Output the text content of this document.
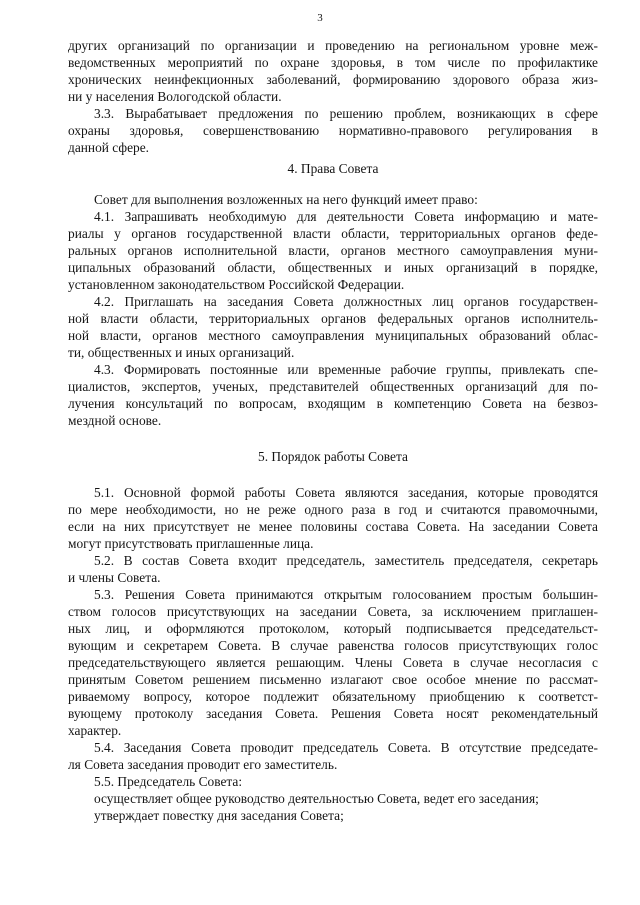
3
других организаций по организации и проведению на региональном уровне меж-
ведомственных мероприятий по охране здоровья, в том числе по профилактике
хронических неинфекционных заболеваний, формированию здорового образа жиз-
ни у населения Вологодской области.
3.3. Вырабатывает предложения по решению проблем, возникающих в сфере
охраны здоровья, совершенствованию нормативно-правового регулирования в
данной сфере.
4. Права Совета
Совет для выполнения возложенных на него функций имеет право:
4.1. Запрашивать необходимую для деятельности Совета информацию и мате-
риалы у органов государственной власти области, территориальных органов феде-
ральных органов исполнительной власти, органов местного самоуправления муни-
ципальных образований области, общественных и иных организаций в порядке,
установленном законодательством Российской Федерации.
4.2. Приглашать на заседания Совета должностных лиц органов государствен-
ной власти области, территориальных органов федеральных органов исполнитель-
ной власти, органов местного самоуправления муниципальных образований облас-
ти, общественных и иных организаций.
4.3. Формировать постоянные или временные рабочие группы, привлекать спе-
циалистов, экспертов, ученых, представителей общественных организаций для по-
лучения консультаций по вопросам, входящим в компетенцию Совета на безвоз-
мездной основе.
5. Порядок работы Совета
5.1. Основной формой работы Совета являются заседания, которые проводятся
по мере необходимости, но не реже одного раза в год и считаются правомочными,
если на них присутствует не менее половины состава Совета. На заседании Совета
могут присутствовать приглашенные лица.
5.2. В состав Совета входит председатель, заместитель председателя, секретарь
и члены Совета.
5.3. Решения Совета принимаются открытым голосованием простым большин-
ством голосов присутствующих на заседании Совета, за исключением приглашен-
ных лиц, и оформляются протоколом, который подписывается председательст-
вующим и секретарем Совета. В случае равенства голосов присутствующих голос
председательствующего является решающим. Члены Совета в случае несогласия с
принятым Советом решением письменно излагают свое особое мнение по рассмат-
риваемому вопросу, которое подлежит обязательному приобщению к соответст-
вующему протоколу заседания Совета. Решения Совета носят рекомендательный
характер.
5.4. Заседания Совета проводит председатель Совета. В отсутствие председате-
ля Совета заседания проводит его заместитель.
5.5. Председатель Совета:
осуществляет общее руководство деятельностью Совета, ведет его заседания;
утверждает повестку дня заседания Совета;
